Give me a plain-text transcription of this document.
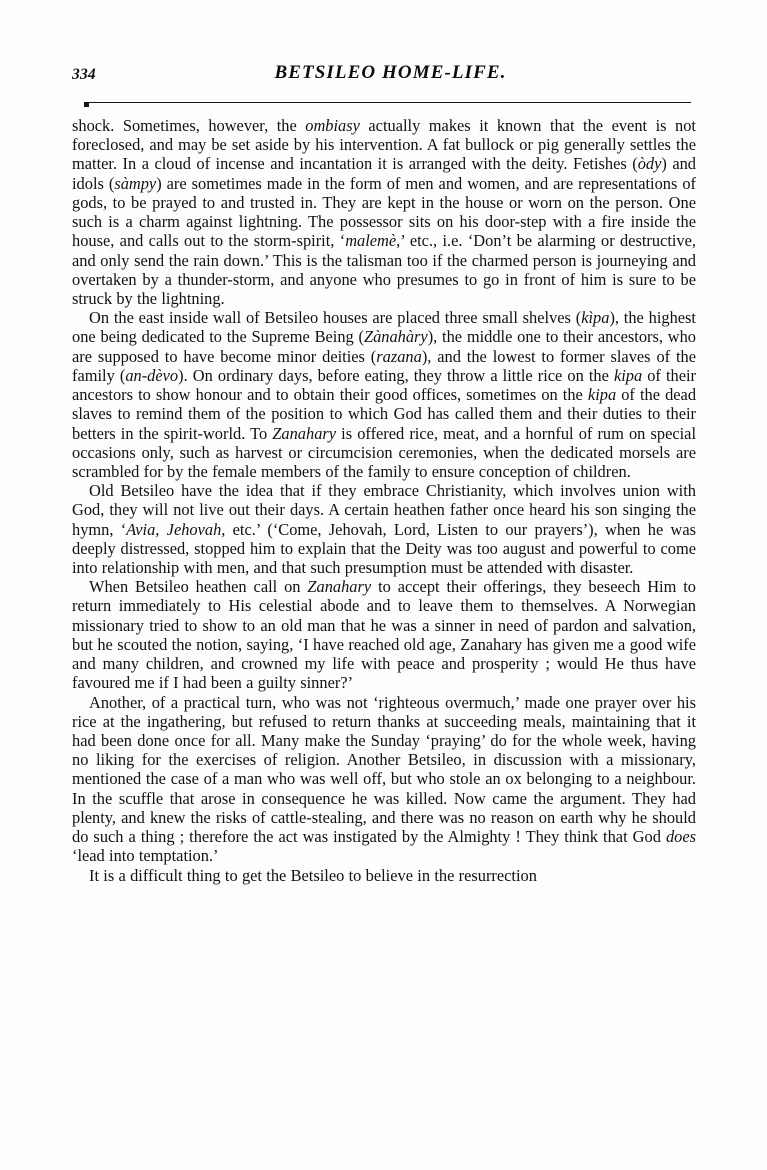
334	BETSILEO HOME-LIFE.

shock. Sometimes, however, the ombiasy actually makes it known that the event is not foreclosed, and may be set aside by his intervention. A fat bullock or pig generally settles the matter. In a cloud of incense and incantation it is arranged with the deity. Fetishes (òdy) and idols (sàmpy) are sometimes made in the form of men and women, and are representations of gods, to be prayed to and trusted in. They are kept in the house or worn on the person. One such is a charm against lightning. The possessor sits on his door-step with a fire inside the house, and calls out to the storm-spirit, ‘malemè,’ etc., i.e. ‘Don’t be alarming or destructive, and only send the rain down.’ This is the talisman too if the charmed person is journeying and overtaken by a thunder-storm, and anyone who presumes to go in front of him is sure to be struck by the lightning.

On the east inside wall of Betsileo houses are placed three small shelves (kìpa), the highest one being dedicated to the Supreme Being (Zànahàry), the middle one to their ancestors, who are supposed to have become minor deities (razana), and the lowest to former slaves of the family (an-dèvo). On ordinary days, before eating, they throw a little rice on the kipa of their ancestors to show honour and to obtain their good offices, sometimes on the kipa of the dead slaves to remind them of the position to which God has called them and their duties to their betters in the spirit-world. To Zanahary is offered rice, meat, and a hornful of rum on special occasions only, such as harvest or circumcision ceremonies, when the dedicated morsels are scrambled for by the female members of the family to ensure conception of children.

Old Betsileo have the idea that if they embrace Christianity, which involves union with God, they will not live out their days. A certain heathen father once heard his son singing the hymn, ‘Avia, Jehovah, etc.’ (‘Come, Jehovah, Lord, Listen to our prayers’), when he was deeply distressed, stopped him to explain that the Deity was too august and powerful to come into relationship with men, and that such presumption must be attended with disaster.

When Betsileo heathen call on Zanahary to accept their offerings, they beseech Him to return immediately to His celestial abode and to leave them to themselves. A Norwegian missionary tried to show to an old man that he was a sinner in need of pardon and salvation, but he scouted the notion, saying, ‘I have reached old age, Zanahary has given me a good wife and many children, and crowned my life with peace and prosperity ; would He thus have favoured me if I had been a guilty sinner?’

Another, of a practical turn, who was not ‘righteous overmuch,’ made one prayer over his rice at the ingathering, but refused to return thanks at succeeding meals, maintaining that it had been done once for all. Many make the Sunday ‘praying’ do for the whole week, having no liking for the exercises of religion. Another Betsileo, in discussion with a missionary, mentioned the case of a man who was well off, but who stole an ox belonging to a neighbour. In the scuffle that arose in consequence he was killed. Now came the argument. They had plenty, and knew the risks of cattle-stealing, and there was no reason on earth why he should do such a thing ; therefore the act was instigated by the Almighty ! They think that God does ‘lead into temptation.’

It is a difficult thing to get the Betsileo to believe in the resurrection
